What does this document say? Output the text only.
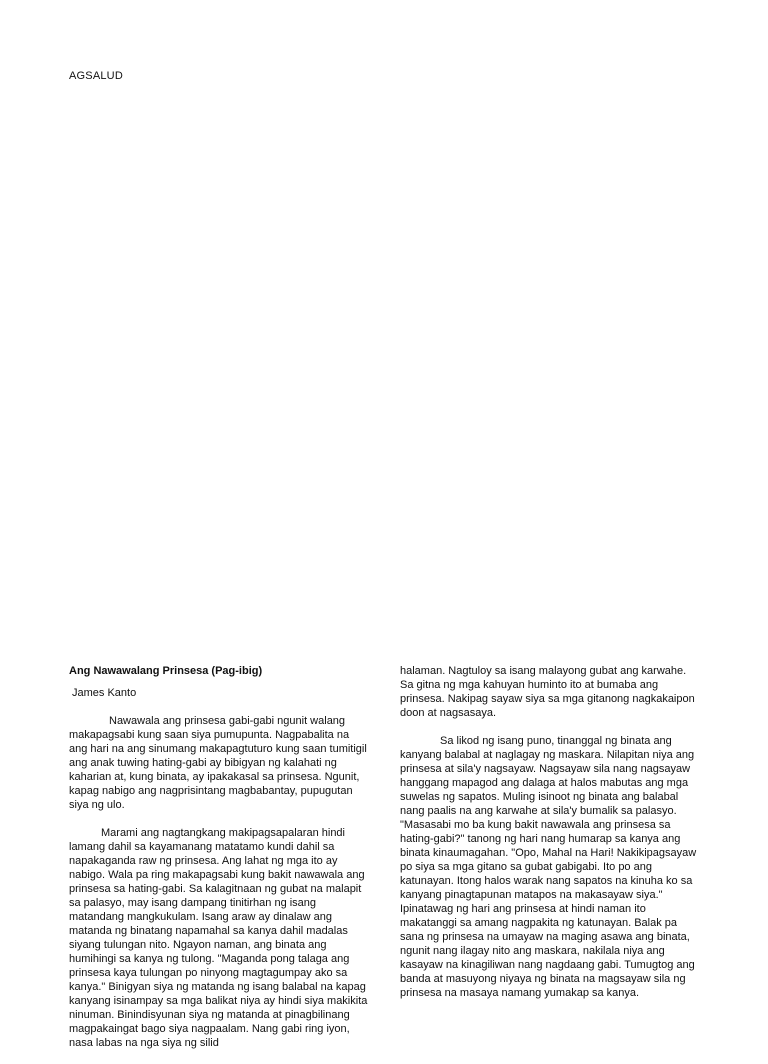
AGSALUD
Ang Nawawalang Prinsesa (Pag-ibig)
James Kanto

Nawawala ang prinsesa gabi-gabi ngunit walang makapagsabi kung saan siya pumupunta. Nagpabalita na ang hari na ang sinumang makapagtuturo kung saan tumitigil ang anak tuwing hating-gabi ay bibigyan ng kalahati ng kaharian at, kung binata, ay ipakakasal sa prinsesa. Ngunit, kapag nabigo ang nagprisintang magbabantay, pupugutan siya ng ulo.

Marami ang nagtangkang makipagsapalaran hindi lamang dahil sa kayamanang matatamo kundi dahil sa napakaganda raw ng prinsesa. Ang lahat ng mga ito ay nabigo. Wala pa ring makapagsabi kung bakit nawawala ang prinsesa sa hating-gabi. Sa kalagitnaan ng gubat na malapit sa palasyo, may isang dampang tinitirhan ng isang matandang mangkukulam. Isang araw ay dinalaw ang matanda ng binatang napamahal sa kanya dahil madalas siyang tulungan nito. Ngayon naman, ang binata ang humihingi sa kanya ng tulong. "Maganda pong talaga ang prinsesa kaya tulungan po ninyong magtagumpay ako sa kanya." Binigyan siya ng matanda ng isang balabal na kapag kanyang isinampay sa mga balikat niya ay hindi siya makikita ninuman. Binindisyunan siya ng matanda at pinagbilinang magpakaingat bago siya nagpaalam. Nang gabi ring iyon, nasa labas na nga siya ng silid

halaman. Nagtuloy sa isang malayong gubat ang karwahe. Sa gitna ng mga kahuyan huminto ito at bumaba ang prinsesa. Nakipag sayaw siya sa mga gitanong nagkakaipon    doon at nagsasaya.

Sa likod ng isang puno, tinanggal ng binata ang kanyang balabal at naglagay ng maskara. Nilapitan niya ang prinsesa at sila'y nagsayaw. Nagsayaw sila nang nagsayaw hanggang mapagod ang dalaga at halos mabutas ang mga suwelas ng sapatos. Muling isinoot ng binata ang balabal nang paalis na ang karwahe at sila'y bumalik sa palasyo. "Masasabi mo ba kung bakit nawawala ang prinsesa sa hating-gabi?" tanong ng hari nang humarap sa kanya ang binata kinaumagahan. "Opo, Mahal na Hari! Nakikipagsayaw po siya sa mga gitano sa gubat gabigabi. Ito po ang katunayan. Itong halos warak nang sapatos na kinuha ko sa kanyang pinagtapunan matapos na makasayaw siya." Ipinatawag ng hari ang prinsesa at hindi naman ito makatanggi sa amang nagpakita ng katunayan. Balak pa sana ng prinsesa na umayaw na maging asawa ang binata, ngunit nang ilagay nito ang maskara, nakilala niya ang kasayaw na kinagiliwan nang nagdaang gabi. Tumugtog ang banda at masuyong niyaya ng binata na magsayaw sila ng prinsesa na masaya namang yumakap sa kanya.
